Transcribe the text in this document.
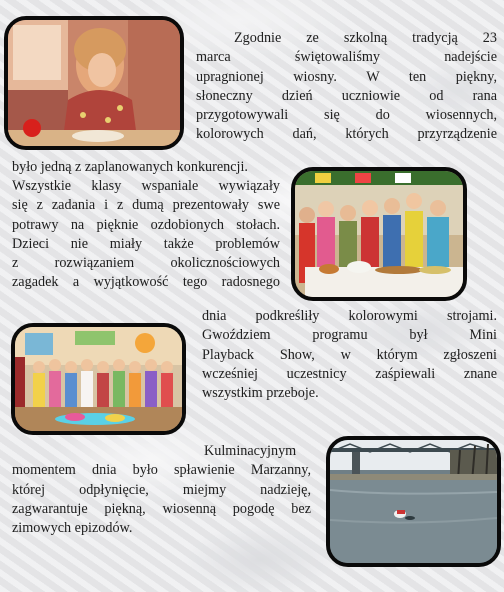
Zgodnie ze szkolną tradycją 23
marca świętowaliśmy nadejście
upragnionej wiosny. W ten piękny,
słoneczny dzień uczniowie od rana
przygotowywali się do wiosennych,
kolorowych dań, których przyrządzenie
było jedną z zaplanowanych konkurencji.
Wszystkie klasy wspaniale wywiązały
się z zadania i z dumą prezentowały swe
potrawy na pięknie ozdobionych stołach.
Dzieci nie miały także problemów
z rozwiązaniem okolicznościowych
zagadek a wyjątkowość tego radosnego
dnia podkreśliły kolorowymi strojami.
Gwoździem programu był Mini
Playback Show, w którym zgłoszeni
wcześniej uczestnicy zaśpiewali znane
wszystkim przeboje.
Kulminacyjnym
momentem dnia było spławienie Marzanny,
której odpłynięcie, miejmy nadzieję,
zagwarantuje piękną, wiosenną pogodę bez
zimowych epizodów.
